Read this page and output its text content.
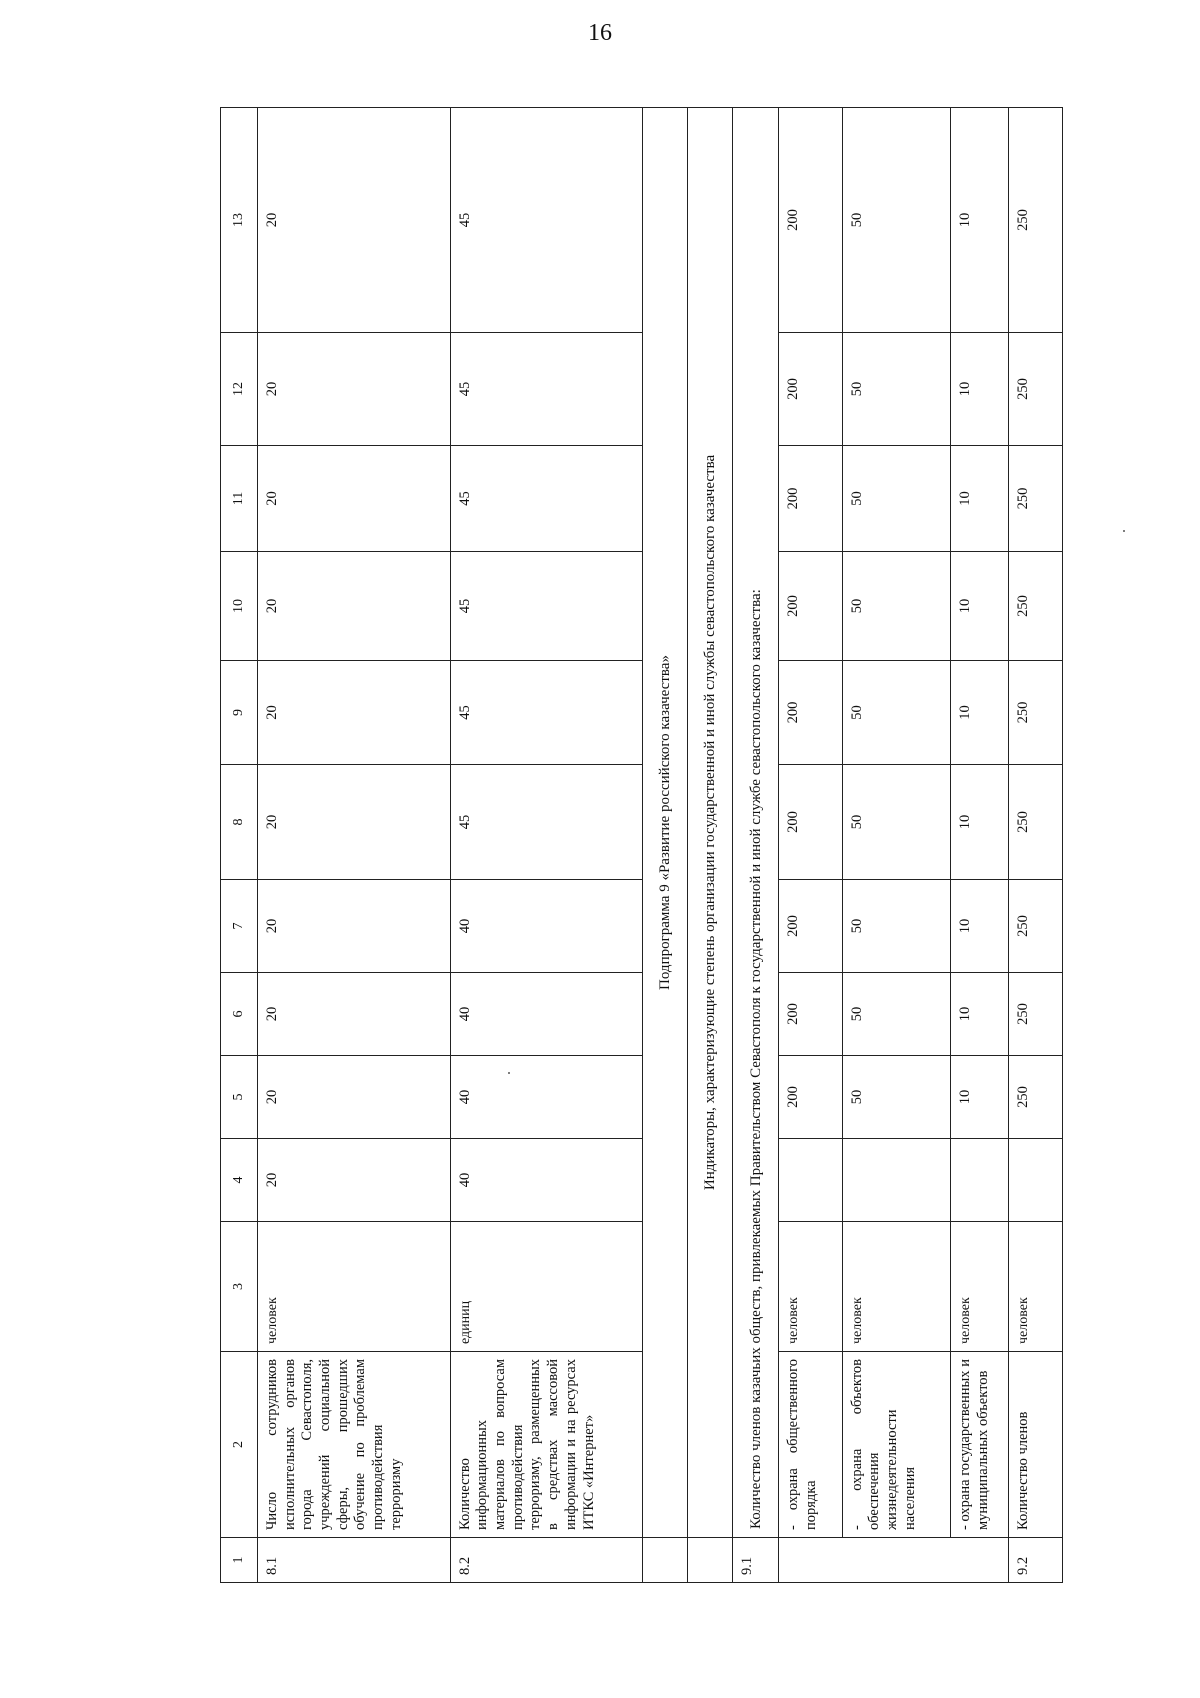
16
1	2	3	4	5	6	7	8	9	10	11	12	13
8.1	Число сотрудников исполнительных органов города Севастополя, учреждений социальной сферы, прошедших обучение по проблемам противодействия терроризму	человек	20	20	20	20	20	20	20	20	20	20
8.2	Количество информационных материалов по вопросам противодействия терроризму, размещенных в средствах массовой информации и на ресурсах ИТКС «Интернет»	единиц	40	40	40	40	45	45	45	45	45	45
	Подпрограмма 9 «Развитие российского казачества»											
	Индикаторы, характеризующие степень организации государственной и иной службы севастопольского казачества											
9.1	Количество членов казачьих обществ, привлекаемых Правительством Севастополя к государственной и иной службе севастопольского казачества:											
	- охрана общественного порядка	человек		200	200	200	200	200	200	200	200	200
	- охрана объектов обеспечения жизнедеятельности населения	человек		50	50	50	50	50	50	50	50	50
	- охрана государственных и муниципальных объектов	человек		10	10	10	10	10	10	10	10	10
9.2	Количество членов	человек		250	250	250	250	250	250	250	250	250
